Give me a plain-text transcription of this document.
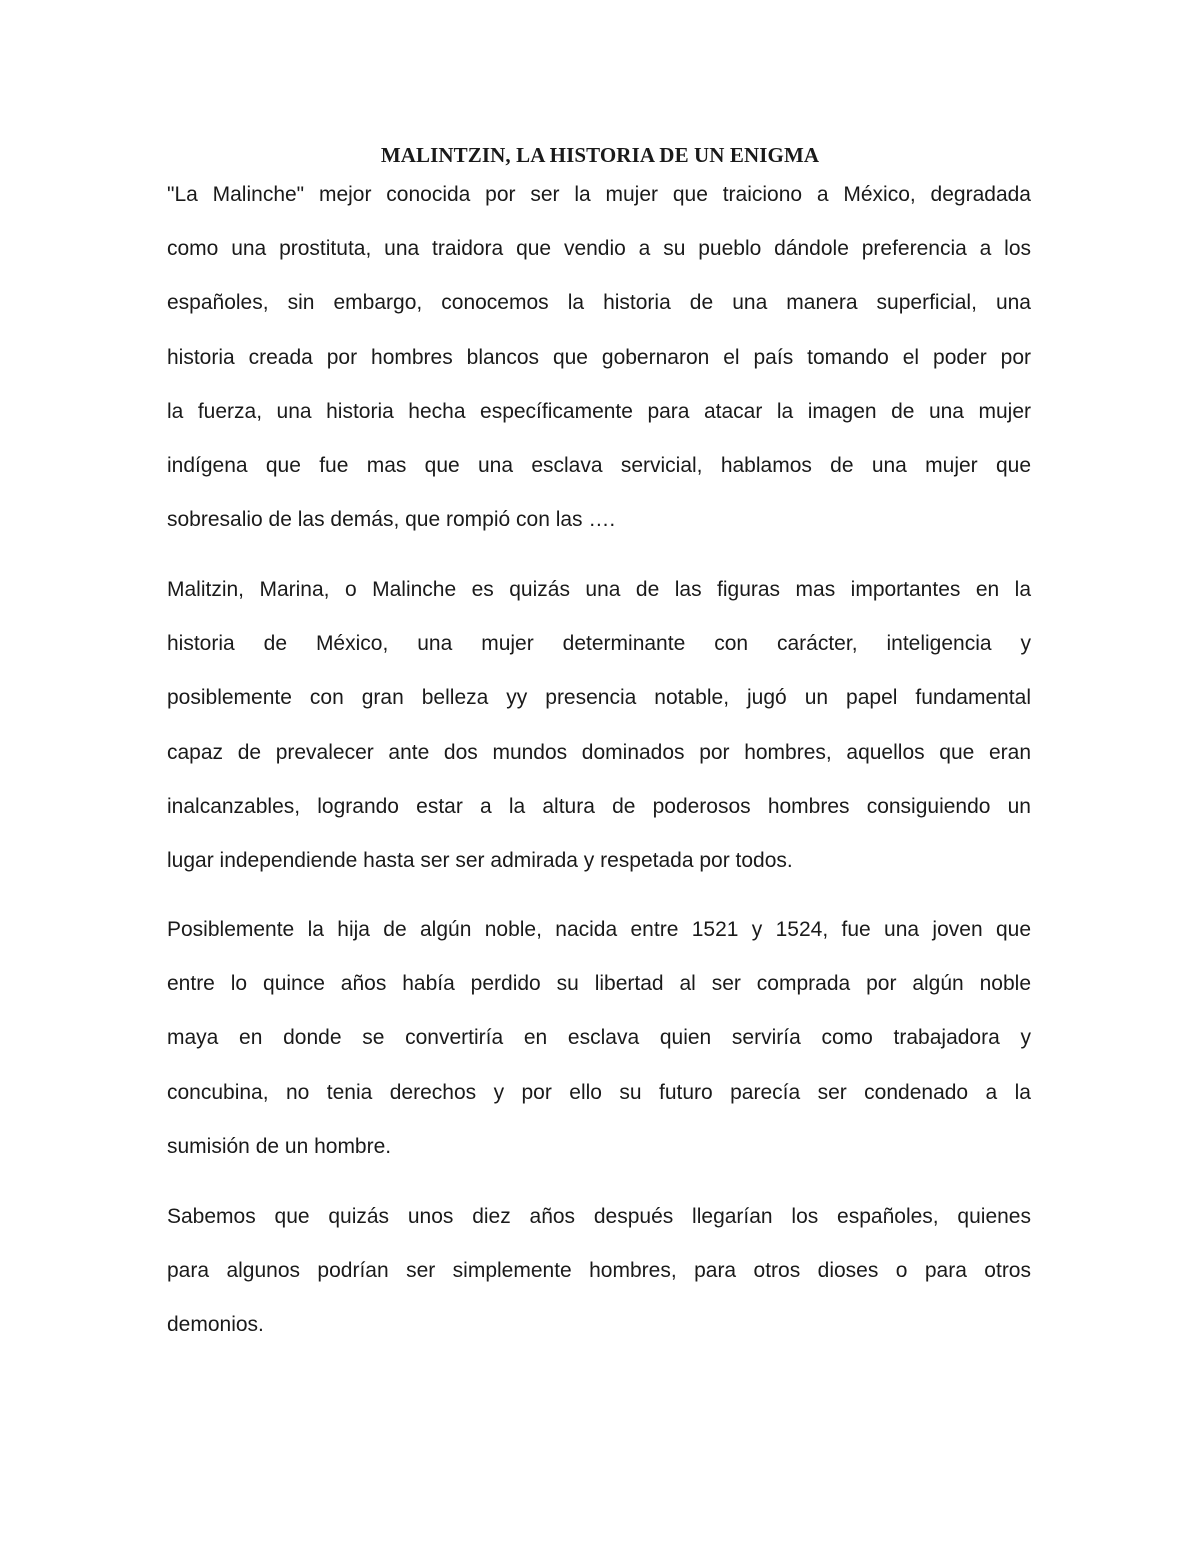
MALINTZIN, LA HISTORIA DE UN ENIGMA

"La Malinche" mejor conocida por ser la mujer que traiciono a México, degradada
como una prostituta, una traidora que vendio a su pueblo dándole preferencia a los
españoles, sin embargo, conocemos la historia de una manera superficial, una
historia creada por hombres blancos que gobernaron el país tomando el poder por
la fuerza, una historia hecha específicamente para atacar la imagen de una mujer
indígena que fue mas que una esclava servicial, hablamos de una mujer que
sobresalio de las demás, que rompió con las ….

Malitzin, Marina, o Malinche es quizás una de las figuras mas importantes en la
historia de México, una mujer determinante con carácter, inteligencia y
posiblemente con gran belleza yy presencia notable, jugó un papel fundamental
capaz de prevalecer ante dos mundos dominados por hombres, aquellos que eran
inalcanzables, logrando estar a la altura de poderosos hombres consiguiendo un
lugar independiende hasta ser ser admirada y respetada por todos.

Posiblemente la hija de algún noble, nacida entre 1521 y 1524, fue una joven que
entre lo quince años había perdido su libertad al ser comprada por algún noble
maya en donde se convertiría en esclava quien serviría como trabajadora y
concubina, no tenia derechos y por ello su futuro parecía ser condenado a la
sumisión de un hombre.

Sabemos que quizás unos diez años después llegarían los españoles, quienes
para algunos podrían ser simplemente hombres, para otros dioses o para otros
demonios.
